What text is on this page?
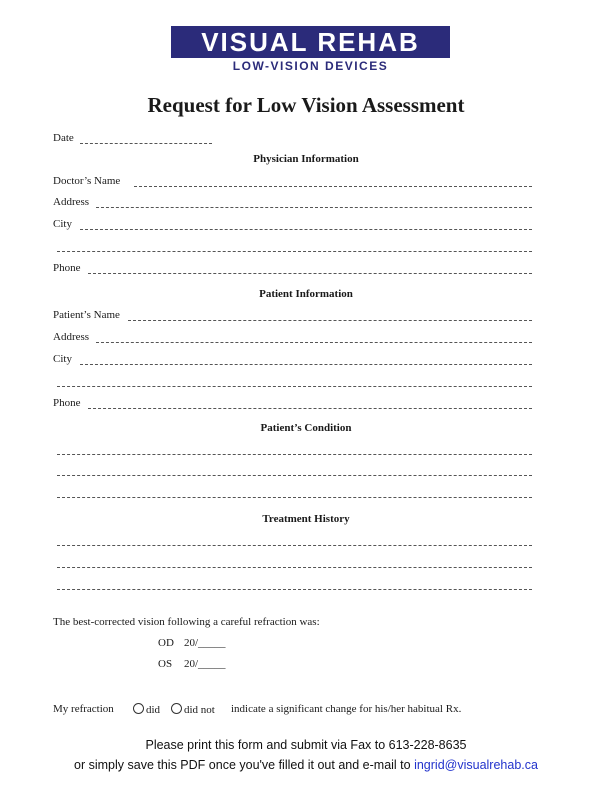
VISUAL REHAB
LOW-VISION DEVICES
Request for Low Vision Assessment
Date
Physician Information
Doctor’s Name
Address
City
Phone
Patient Information
Patient’s Name
Address
City
Phone
Patient’s Condition
Treatment History
The best-corrected vision following a careful refraction was:
OD 20/_____
OS 20/_____
My refraction	did	did not indicate a significant change for his/her habitual Rx.
Please print this form and submit via Fax to 613-228-8635
or simply save this PDF once you've filled it out and e-mail to ingrid@visualrehab.ca
